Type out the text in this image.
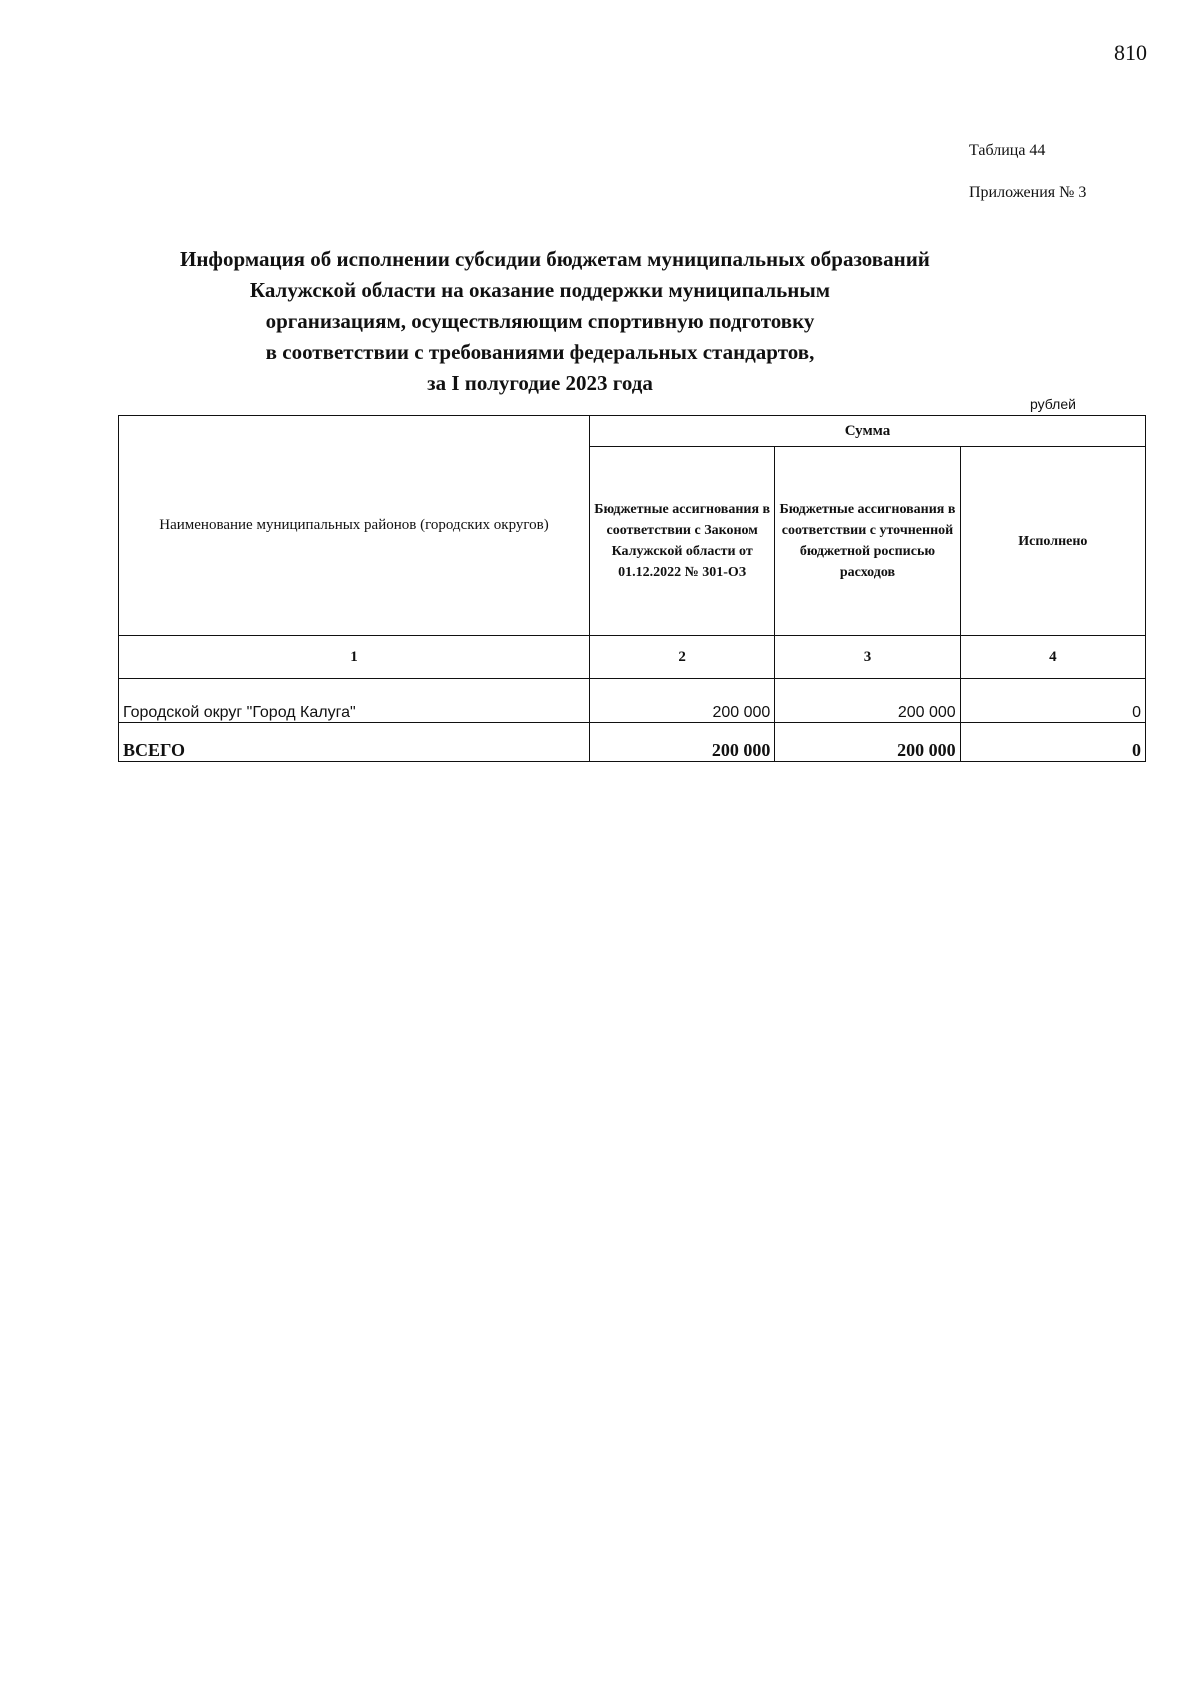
810
Таблица 44
Приложения № 3
Информация об исполнении субсидии бюджетам муниципальных образований
Калужской области на оказание поддержки муниципальным
организациям, осуществляющим спортивную подготовку
в соответствии с требованиями федеральных стандартов,
за I полугодие 2023 года
рублей
Наименование муниципальных районов (городских округов)	Сумма		
	Бюджетные ассигнования в соответствии с Законом Калужской области от 01.12.2022 № 301-ОЗ	Бюджетные ассигнования в соответствии с уточненной бюджетной росписью расходов	Исполнено
1	2	3	4
Городской округ "Город Калуга"	200 000	200 000	0
ВСЕГО	200 000	200 000	0
